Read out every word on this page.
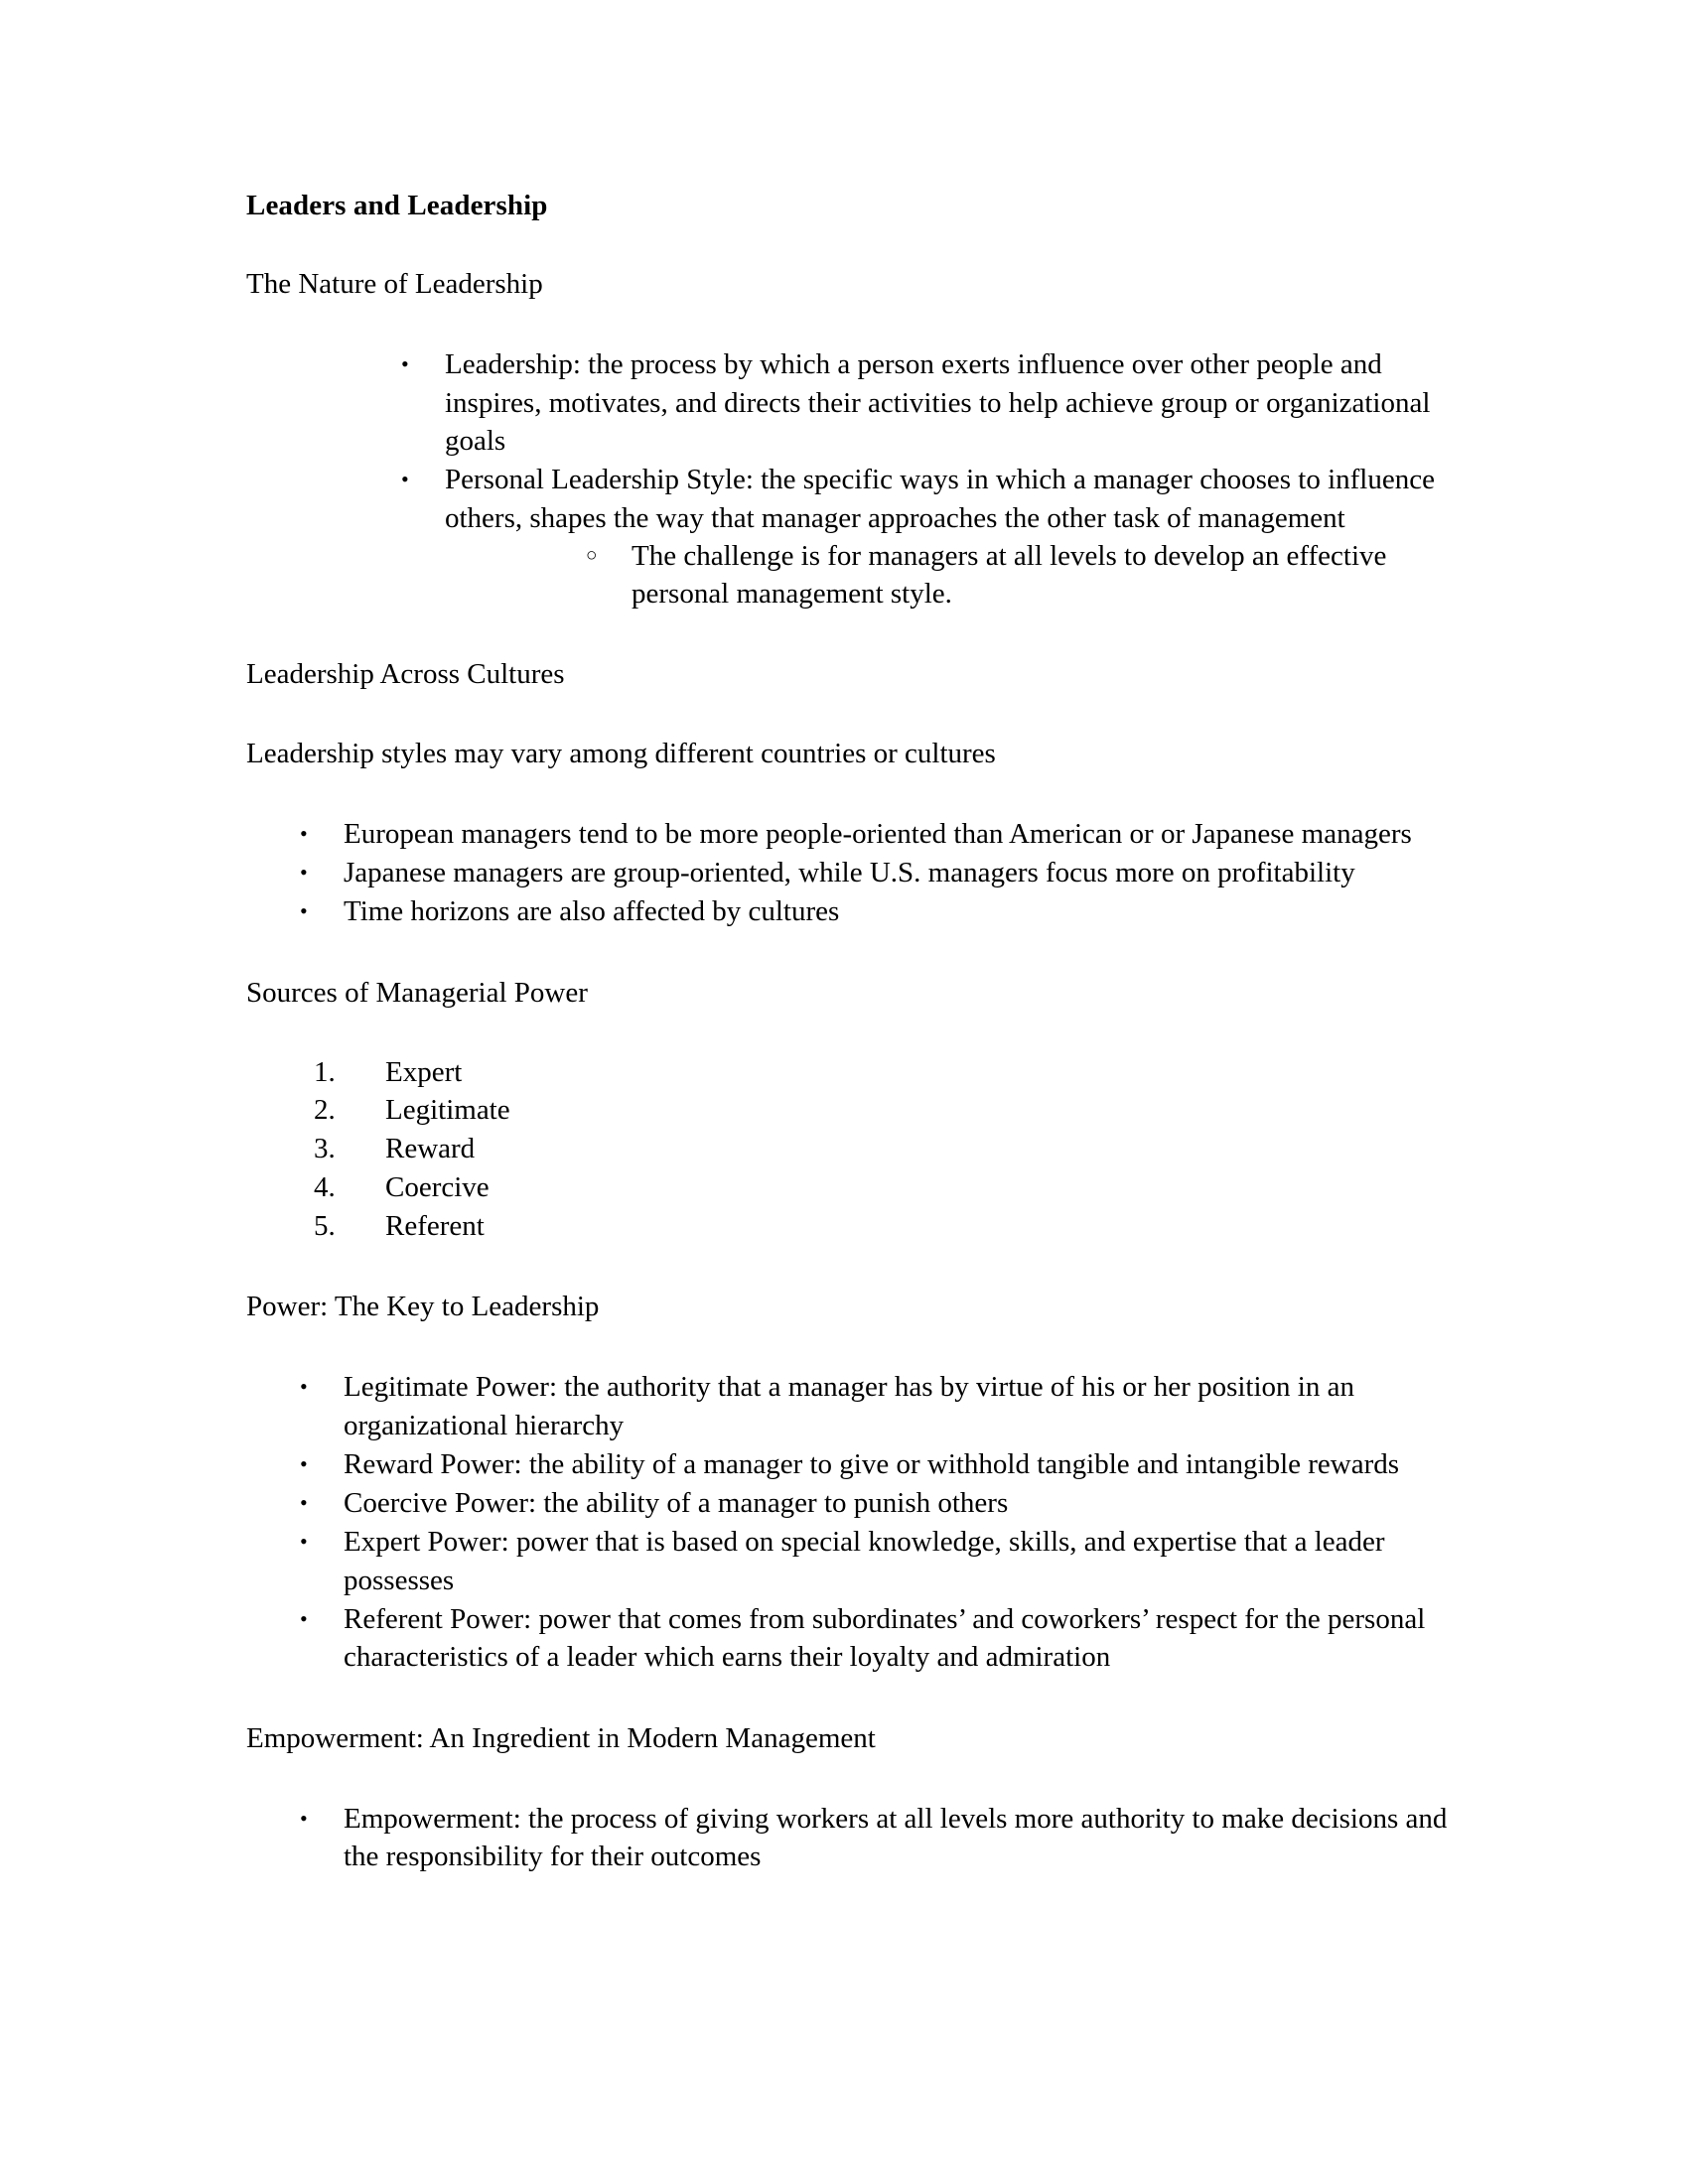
Leaders and Leadership
The Nature of Leadership
• Leadership: the process by which a person exerts influence over other people and inspires, motivates, and directs their activities to help achieve group or organizational goals
• Personal Leadership Style: the specific ways in which a manager chooses to influence others, shapes the way that manager approaches the other task of management
○ The challenge is for managers at all levels to develop an effective personal management style.
Leadership Across Cultures

Leadership styles may vary among different countries or cultures

• European managers tend to be more people-oriented than American or or Japanese managers
• Japanese managers are group-oriented, while U.S. managers focus more on profitability
• Time horizons are also affected by cultures
Sources of Managerial Power
1. Expert
2. Legitimate
3. Reward
4. Coercive
5. Referent
Power: The Key to Leadership
• Legitimate Power: the authority that a manager has by virtue of his or her position in an organizational hierarchy
• Reward Power: the ability of a manager to give or withhold tangible and intangible rewards
• Coercive Power: the ability of a manager to punish others
• Expert Power: power that is based on special knowledge, skills, and expertise that a leader possesses
• Referent Power: power that comes from subordinates’ and coworkers’ respect for the personal characteristics of a leader which earns their loyalty and admiration
Empowerment: An Ingredient in Modern Management
• Empowerment: the process of giving workers at all levels more authority to make decisions and the responsibility for their outcomes
